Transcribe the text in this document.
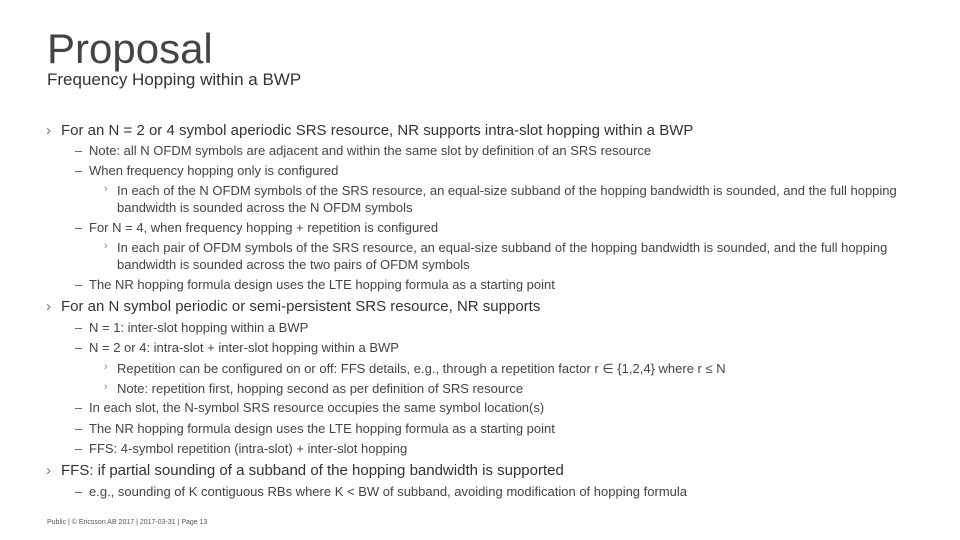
Proposal
Frequency Hopping within a BWP
› For an N = 2 or 4 symbol aperiodic SRS resource, NR supports intra-slot hopping within a BWP
– Note: all N OFDM symbols are adjacent and within the same slot by definition of an SRS resource
– When frequency hopping only is configured
› In each of the N OFDM symbols of the SRS resource, an equal-size subband of the hopping bandwidth is sounded, and the full hopping bandwidth is sounded across the N OFDM symbols
– For N = 4, when frequency hopping + repetition is configured
› In each pair of OFDM symbols of the SRS resource, an equal-size subband of the hopping bandwidth is sounded, and the full hopping bandwidth is sounded across the two pairs of OFDM symbols
– The NR hopping formula design uses the LTE hopping formula as a starting point
› For an N symbol periodic or semi-persistent SRS resource, NR supports
– N = 1: inter-slot hopping within a BWP
– N = 2 or 4: intra-slot + inter-slot hopping within a BWP
› Repetition can be configured on or off: FFS details, e.g., through a repetition factor r ∈ {1,2,4} where r ≤ N
› Note: repetition first, hopping second as per definition of SRS resource
– In each slot, the N-symbol SRS resource occupies the same symbol location(s)
– The NR hopping formula design uses the LTE hopping formula as a starting point
– FFS: 4-symbol repetition (intra-slot) + inter-slot hopping
› FFS: if partial sounding of a subband of the hopping bandwidth is supported
– e.g., sounding of K contiguous RBs where K < BW of subband, avoiding modification of hopping formula
Public | © Ericsson AB 2017 | 2017-03-31 | Page 13
